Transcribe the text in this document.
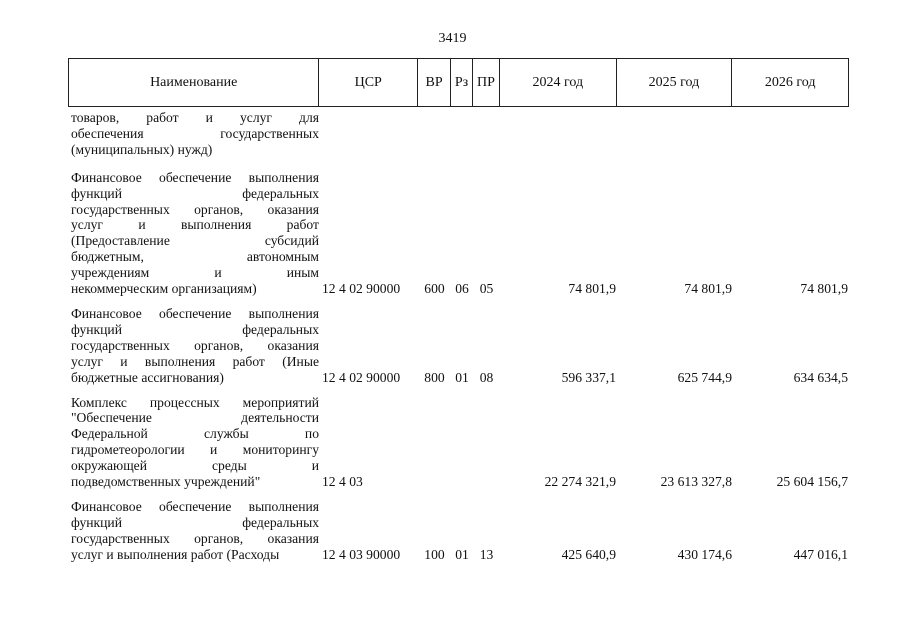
3419
Наименование	ЦСР	ВР Рз ПР	2024 год	2025 год	2026 год
товаров, работ и услуг для
обеспечения государственных
(муниципальных) нужд)
Финансовое обеспечение выполнения
функций федеральных
государственных органов, оказания
услуг и выполнения работ
(Предоставление субсидий
бюджетным, автономным
учреждениям и иным
некоммерческим организациям)	12 4 02 90000	600 06 05	74 801,9	74 801,9	74 801,9
Финансовое обеспечение выполнения
функций федеральных
государственных органов, оказания
услуг и выполнения работ (Иные
бюджетные ассигнования)	12 4 02 90000	800 01 08	596 337,1	625 744,9	634 634,5
Комплекс процессных мероприятий
"Обеспечение деятельности
Федеральной службы по
гидрометеорологии и мониторингу
окружающей среды и
подведомственных учреждений"	12 4 03	22 274 321,9	23 613 327,8	25 604 156,7
Финансовое обеспечение выполнения
функций федеральных
государственных органов, оказания
услуг и выполнения работ (Расходы	12 4 03 90000	100 01 13	425 640,9	430 174,6	447 016,1
